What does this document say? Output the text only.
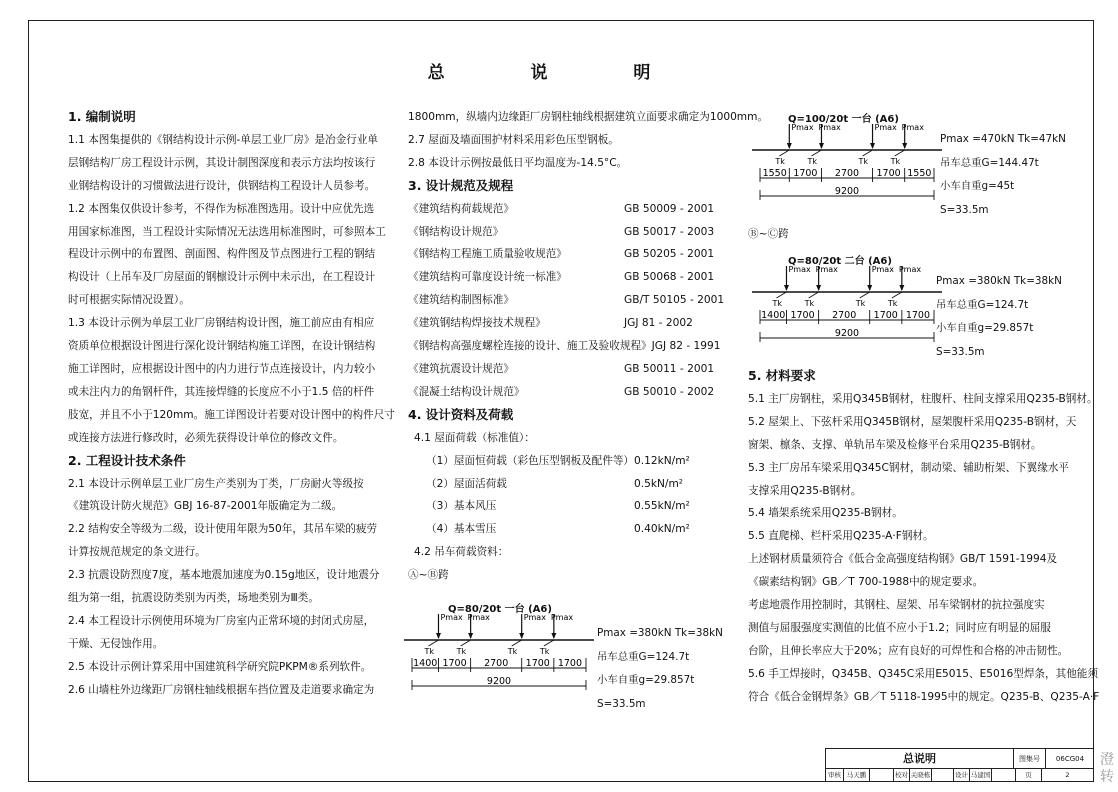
总 说 明

1. 编制说明

1.1 本图集提供的《钢结构设计示例-单层工业厂房》是冶金行业单

层钢结构厂房工程设计示例，其设计制图深度和表示方法均按该行

业钢结构设计的习惯做法进行设计，供钢结构工程设计人员参考。

1.2 本图集仅供设计参考，不得作为标准图选用。设计中应优先选

用国家标准图，当工程设计实际情况无法选用标准图时，可参照本工

程设计示例中的布置图、剖面图、构件图及节点图进行工程的钢结

构设计（上吊车及厂房屋面的钢檩设计示例中未示出，在工程设计

时可根据实际情况设置）。

1.3 本设计示例为单层工业厂房钢结构设计图，施工前应由有相应

资质单位根据设计图进行深化设计钢结构施工详图，在设计钢结构

施工详图时，应根据设计图中的内力进行节点连接设计，内力较小

或未注内力的角钢杆件，其连接焊缝的长度应不小于1.5 倍的杆件

肢宽，并且不小于120mm。施工详图设计若要对设计图中的构件尺寸

或连接方法进行修改时，必须先获得设计单位的修改文件。

2. 工程设计技术条件

2.1 本设计示例单层工业厂房生产类别为丁类，厂房耐火等级按

《建筑设计防火规范》GBJ 16-87-2001年版确定为二级。

2.2 结构安全等级为二级，设计使用年限为50年，其吊车梁的疲劳

计算按规范规定的条文进行。

2.3 抗震设防烈度7度，基本地震加速度为0.15g地区，设计地震分

组为第一组，抗震设防类别为丙类，场地类别为Ⅲ类。

2.4 本工程设计示例使用环境为厂房室内正常环境的封闭式房屋，

干燥、无侵蚀作用。

2.5 本设计示例计算采用中国建筑科学研究院PKPM®系列软件。

2.6 山墙柱外边缘距厂房钢柱轴线根据车挡位置及走道要求确定为

1800mm，纵墙内边缘距厂房钢柱轴线根据建筑立面要求确定为1000mm。

2.7 屋面及墙面围护材料采用彩色压型钢板。

2.8 本设计示例按最低日平均温度为-14.5°C。

3. 设计规范及规程

《建筑结构荷载规范》	GB 50009 - 2001

《钢结构设计规范》	GB 50017 - 2003

《钢结构工程施工质量验收规范》	GB 50205 - 2001

《建筑结构可靠度设计统一标准》	GB 50068 - 2001

《建筑结构制图标准》	GB/T 50105 - 2001

《建筑钢结构焊接技术规程》	JGJ 81 - 2002

《钢结构高强度螺栓连接的设计、施工及验收规程》 JGJ 82 - 1991

《建筑抗震设计规范》	GB 50011 - 2001

《混凝土结构设计规范》	GB 50010 - 2002

4. 设计资料及荷载

4.1 屋面荷载（标准值）：

（1）屋面恒荷载（彩色压型钢板及配件等） 0.12kN/m²

（2）屋面活荷载	0.5kN/m²

（3）基本风压	0.55kN/m²

（4）基本雪压	0.40kN/m²

4.2 吊车荷载资料：

Ⓐ~Ⓑ跨

Q=80/20t 一台 (A6)
Pmax
Tk
Pmax
Tk
Pmax
Tk
Pmax
Tk
1400 1700 2700 1700 1700
9200

Pmax =380kN Tk=38kN

吊车总重G=124.7t

小车自重g=29.857t

S=33.5m

Q=100/20t 一台 (A6)
Pmax
Tk
Pmax
Tk
Pmax
Tk
Pmax
Tk
1550 1700 2700 1700 1550
9200

Pmax =470kN Tk=47kN

吊车总重G=144.47t

小车自重g=45t

S=33.5m

Ⓑ~Ⓒ跨
Q=80/20t 二台 (A6)
Pmax
Tk
Pmax
Tk
Pmax
Tk
Pmax
Tk
1400 1700 2700 1700 1700
9200

Pmax =380kN Tk=38kN

吊车总重G=124.7t

小车自重g=29.857t

S=33.5m

5. 材料要求

5.1 主厂房钢柱，采用Q345B钢材，柱腹杆、柱间支撑采用Q235-B钢材。

5.2 屋架上、下弦杆采用Q345B钢材，屋架腹杆采用Q235-B钢材，天

窗架、檩条、支撑、单轨吊车梁及检修平台采用Q235-B钢材。

5.3 主厂房吊车梁采用Q345C钢材，制动梁、辅助桁架、下翼缘水平

支撑采用Q235-B钢材。

5.4 墙架系统采用Q235-B钢材。

5.5 直爬梯、栏杆采用Q235-A·F钢材。

上述钢材质量须符合《低合金高强度结构钢》GB/T 1591-1994及

《碳素结构钢》GB／T 700-1988中的规定要求。

考虑地震作用控制时，其钢柱、屋架、吊车梁钢材的抗拉强度实

测值与屈服强度实测值的比值不应小于1.2；同时应有明显的屈服

台阶，且伸长率应大于20%；应有良好的可焊性和合格的冲击韧性。

5.6 手工焊接时，Q345B、Q345C采用E5015、E5016型焊条，其他能须

符合《低合金钢焊条》GB／T 5118-1995中的规定。Q235-B、Q235-A·F

总说明	图集号	06CG04
审核 马天鹏	校对 关晓栋	设计 马建国	页	2
澄转
